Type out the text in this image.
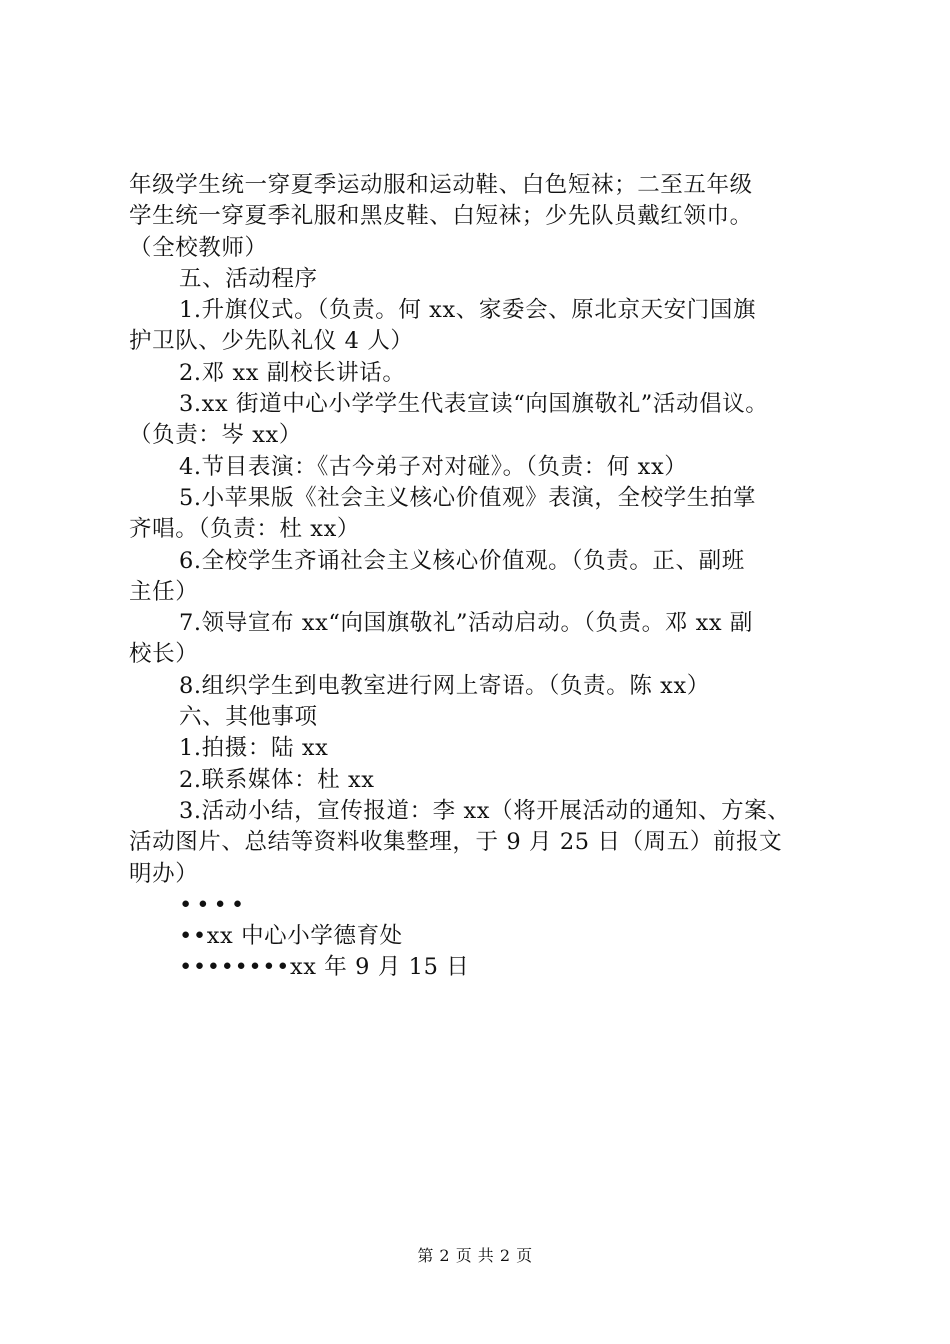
年级学生统一穿夏季运动服和运动鞋、白色短袜；二至五年级

学生统一穿夏季礼服和黑皮鞋、白短袜；少先队员戴红领巾。

（全校教师）

五、活动程序

1.升旗仪式。（负责。何 xx、家委会、原北京天安门国旗

护卫队、少先队礼仪 4 人）

2.邓 xx 副校长讲话。

3.xx 街道中心小学学生代表宣读“向国旗敬礼”活动倡议。

（负责：岑 xx）

4.节目表演：《古今弟子对对碰》。（负责：何 xx）

5.小苹果版《社会主义核心价值观》表演，全校学生拍掌

齐唱。（负责：杜 xx）

6.全校学生齐诵社会主义核心价值观。（负责。正、副班

主任）

7.领导宣布 xx“向国旗敬礼”活动启动。（负责。邓 xx 副

校长）

8.组织学生到电教室进行网上寄语。（负责。陈 xx）

六、其他事项

1.拍摄：陆 xx

2.联系媒体：杜 xx

3.活动小结，宣传报道：李 xx（将开展活动的通知、方案、

活动图片、总结等资料收集整理，于 9 月 25 日（周五）前报文

明办）

••••

••xx 中心小学德育处

••••••••xx 年 9 月 15 日

第 2 页 共 2 页
